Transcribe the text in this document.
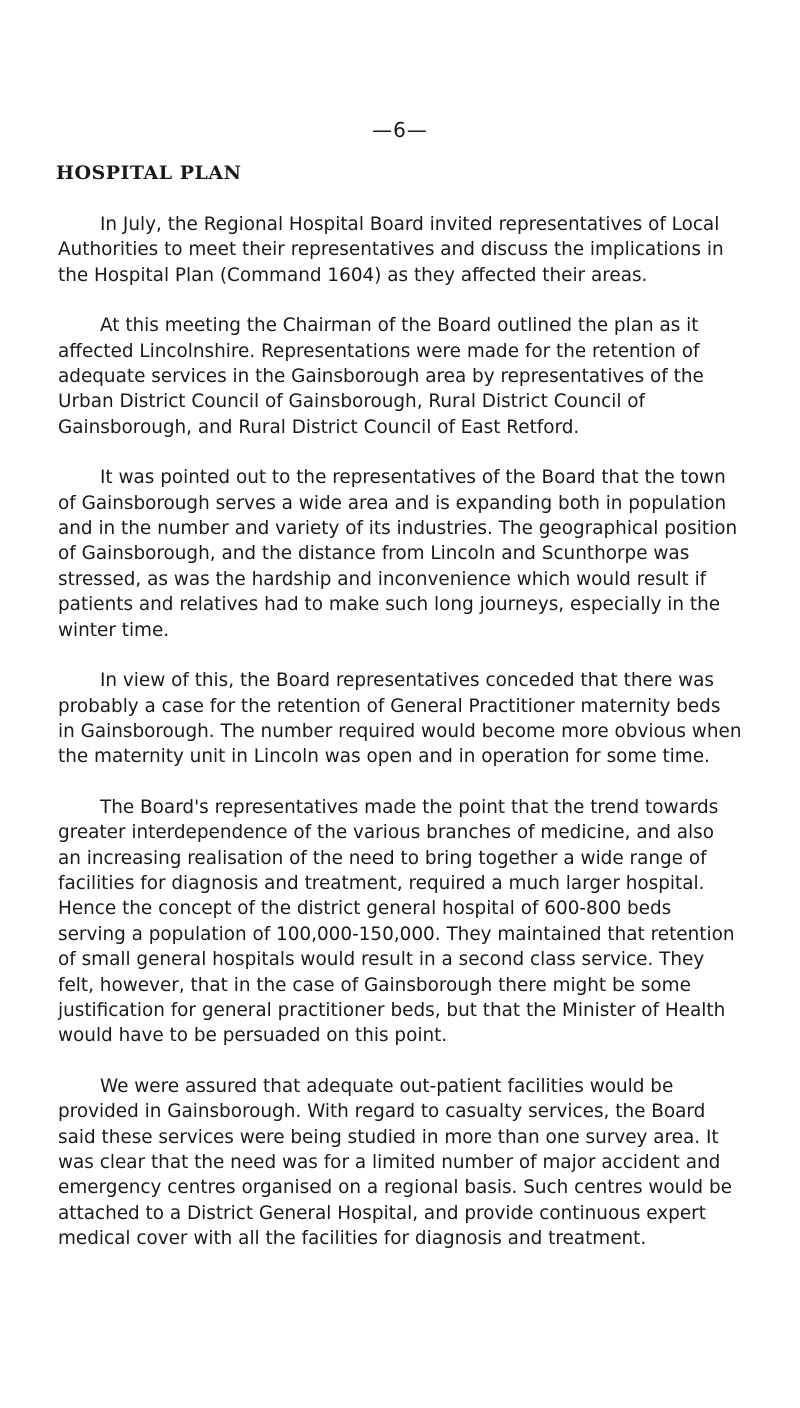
—6—
HOSPITAL PLAN

In July, the Regional Hospital Board invited representatives of Local Authorities to meet their representatives and discuss the implications in the Hospital Plan (Command 1604) as they affected their areas.

At this meeting the Chairman of the Board outlined the plan as it affected Lincolnshire. Representations were made for the retention of adequate services in the Gainsborough area by representatives of the Urban District Council of Gainsborough, Rural District Council of Gainsborough, and Rural District Council of East Retford.

It was pointed out to the representatives of the Board that the town of Gainsborough serves a wide area and is expanding both in population and in the number and variety of its industries. The geographical position of Gainsborough, and the distance from Lincoln and Scunthorpe was stressed, as was the hardship and inconvenience which would result if patients and relatives had to make such long journeys, especially in the winter time.

In view of this, the Board representatives conceded that there was probably a case for the retention of General Practitioner maternity beds in Gainsborough. The number required would become more obvious when the maternity unit in Lincoln was open and in operation for some time.

The Board's representatives made the point that the trend towards greater interdependence of the various branches of medicine, and also an increasing realisation of the need to bring together a wide range of facilities for diagnosis and treatment, required a much larger hospital. Hence the concept of the district general hospital of 600-800 beds serving a population of 100,000-150,000. They maintained that retention of small general hospitals would result in a second class service. They felt, however, that in the case of Gainsborough there might be some justification for general practitioner beds, but that the Minister of Health would have to be persuaded on this point.

We were assured that adequate out-patient facilities would be provided in Gainsborough. With regard to casualty services, the Board said these services were being studied in more than one survey area. It was clear that the need was for a limited number of major accident and emergency centres organised on a regional basis. Such centres would be attached to a District General Hospital, and provide continuous expert medical cover with all the facilities for diagnosis and treatment.
